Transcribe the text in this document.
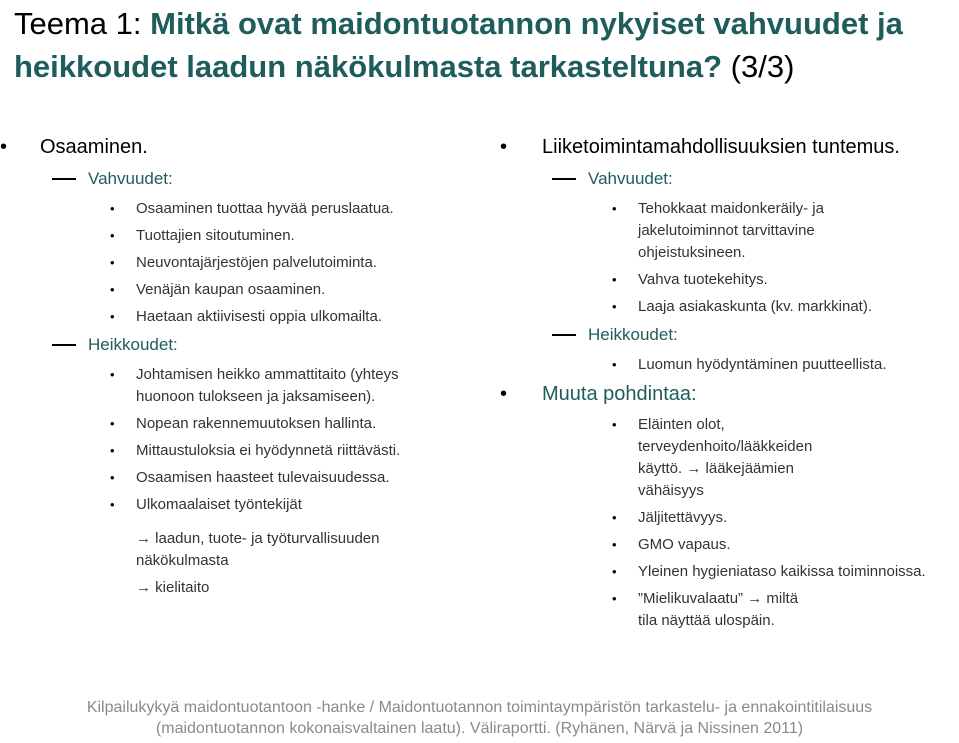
Teema 1: Mitkä ovat maidontuotannon nykyiset vahvuudet ja
heikkoudet laadun näkökulmasta tarkasteltuna? (3/3)
• Osaaminen.
Vahvuudet:
• Osaaminen tuottaa hyvää peruslaatua.
• Tuottajien sitoutuminen.
• Neuvontajärjestöjen palvelutoiminta.
• Venäjän kaupan osaaminen.
• Haetaan aktiivisesti oppia ulkomailta.
Heikkoudet:
• Johtamisen heikko ammattitaito (yhteys huonoon tulokseen ja jaksamiseen).
• Nopean rakennemuutoksen hallinta.
• Mittaustuloksia ei hyödynnetä riittävästi.
• Osaamisen haasteet tulevaisuudessa.
• Ulkomaalaiset työntekijät
→ laadun, tuote- ja työturvallisuuden näkökulmasta
→ kielitaito
• Liiketoimintamahdollisuuksien tuntemus.
Vahvuudet:
• Tehokkaat maidonkeräily- ja jakelutoiminnot tarvittavine ohjeistuksineen.
• Vahva tuotekehitys.
• Laaja asiakaskunta (kv. markkinat).
Heikkoudet:
• Luomun hyödyntäminen puutteellista.
• Muuta pohdintaa:
• Eläinten olot, terveydenhoito/lääkkeiden käyttö. → lääkejäämien vähäisyys
• Jäljitettävyys.
• GMO vapaus.
• Yleinen hygieniataso kaikissa toiminnoissa.
• ”Mielikuvalaatu” → miltä tila näyttää ulospäin.
Kilpailukykyä maidontuotantoon -hanke / Maidontuotannon toimintaympäristön tarkastelu- ja ennakointitilaisuus
(maidontuotannon kokonaisvaltainen laatu). Väliraportti. (Ryhänen, Närvä ja Nissinen 2011)
